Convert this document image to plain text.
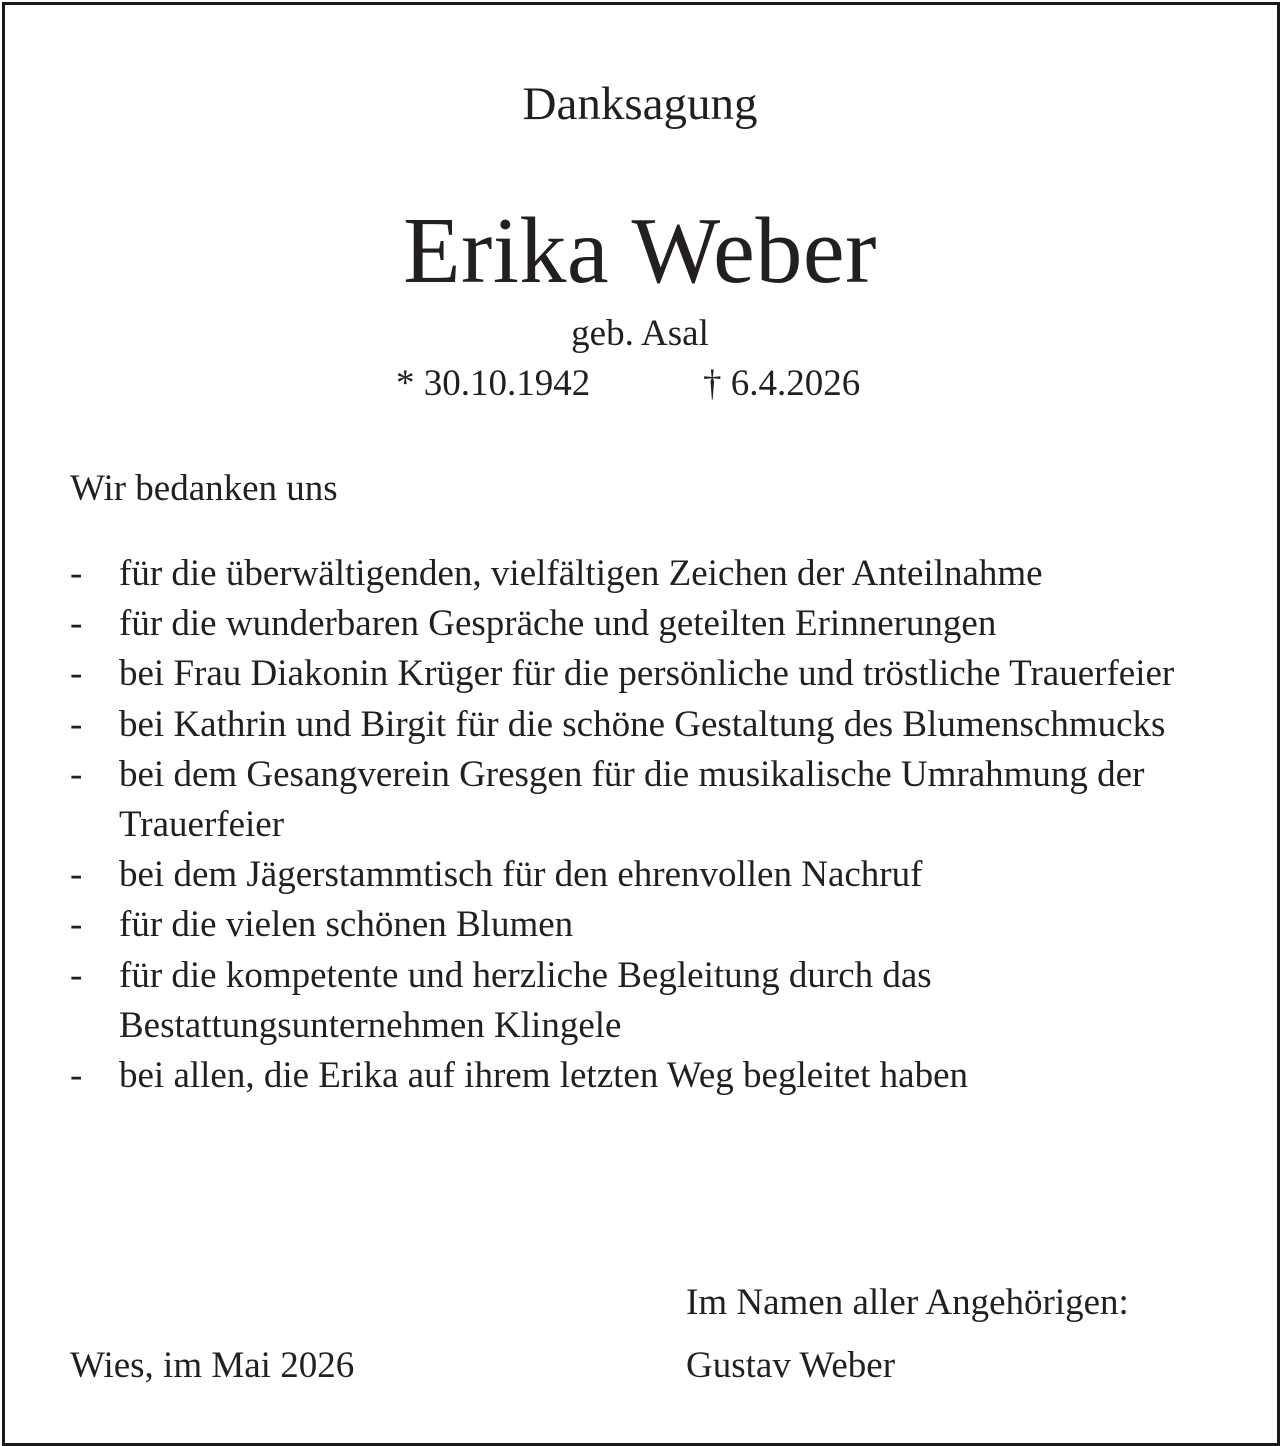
Danksagung
Erika Weber
geb. Asal
* 30.10.1942	† 6.4.2026
Wir bedanken uns
- für die überwältigenden, vielfältigen Zeichen der Anteilnahme
- für die wunderbaren Gespräche und geteilten Erinnerungen
- bei Frau Diakonin Krüger für die persönliche und tröstliche Trauerfeier
- bei Kathrin und Birgit für die schöne Gestaltung des Blumenschmucks
- bei dem Gesangverein Gresgen für die musikalische Umrahmung der Trauerfeier
- bei dem Jägerstammtisch für den ehrenvollen Nachruf
- für die vielen schönen Blumen
- für die kompetente und herzliche Begleitung durch das Bestattungsunternehmen Klingele
- bei allen, die Erika auf ihrem letzten Weg begleitet haben
Im Namen aller Angehörigen:
Gustav Weber
Wies, im Mai 2026
